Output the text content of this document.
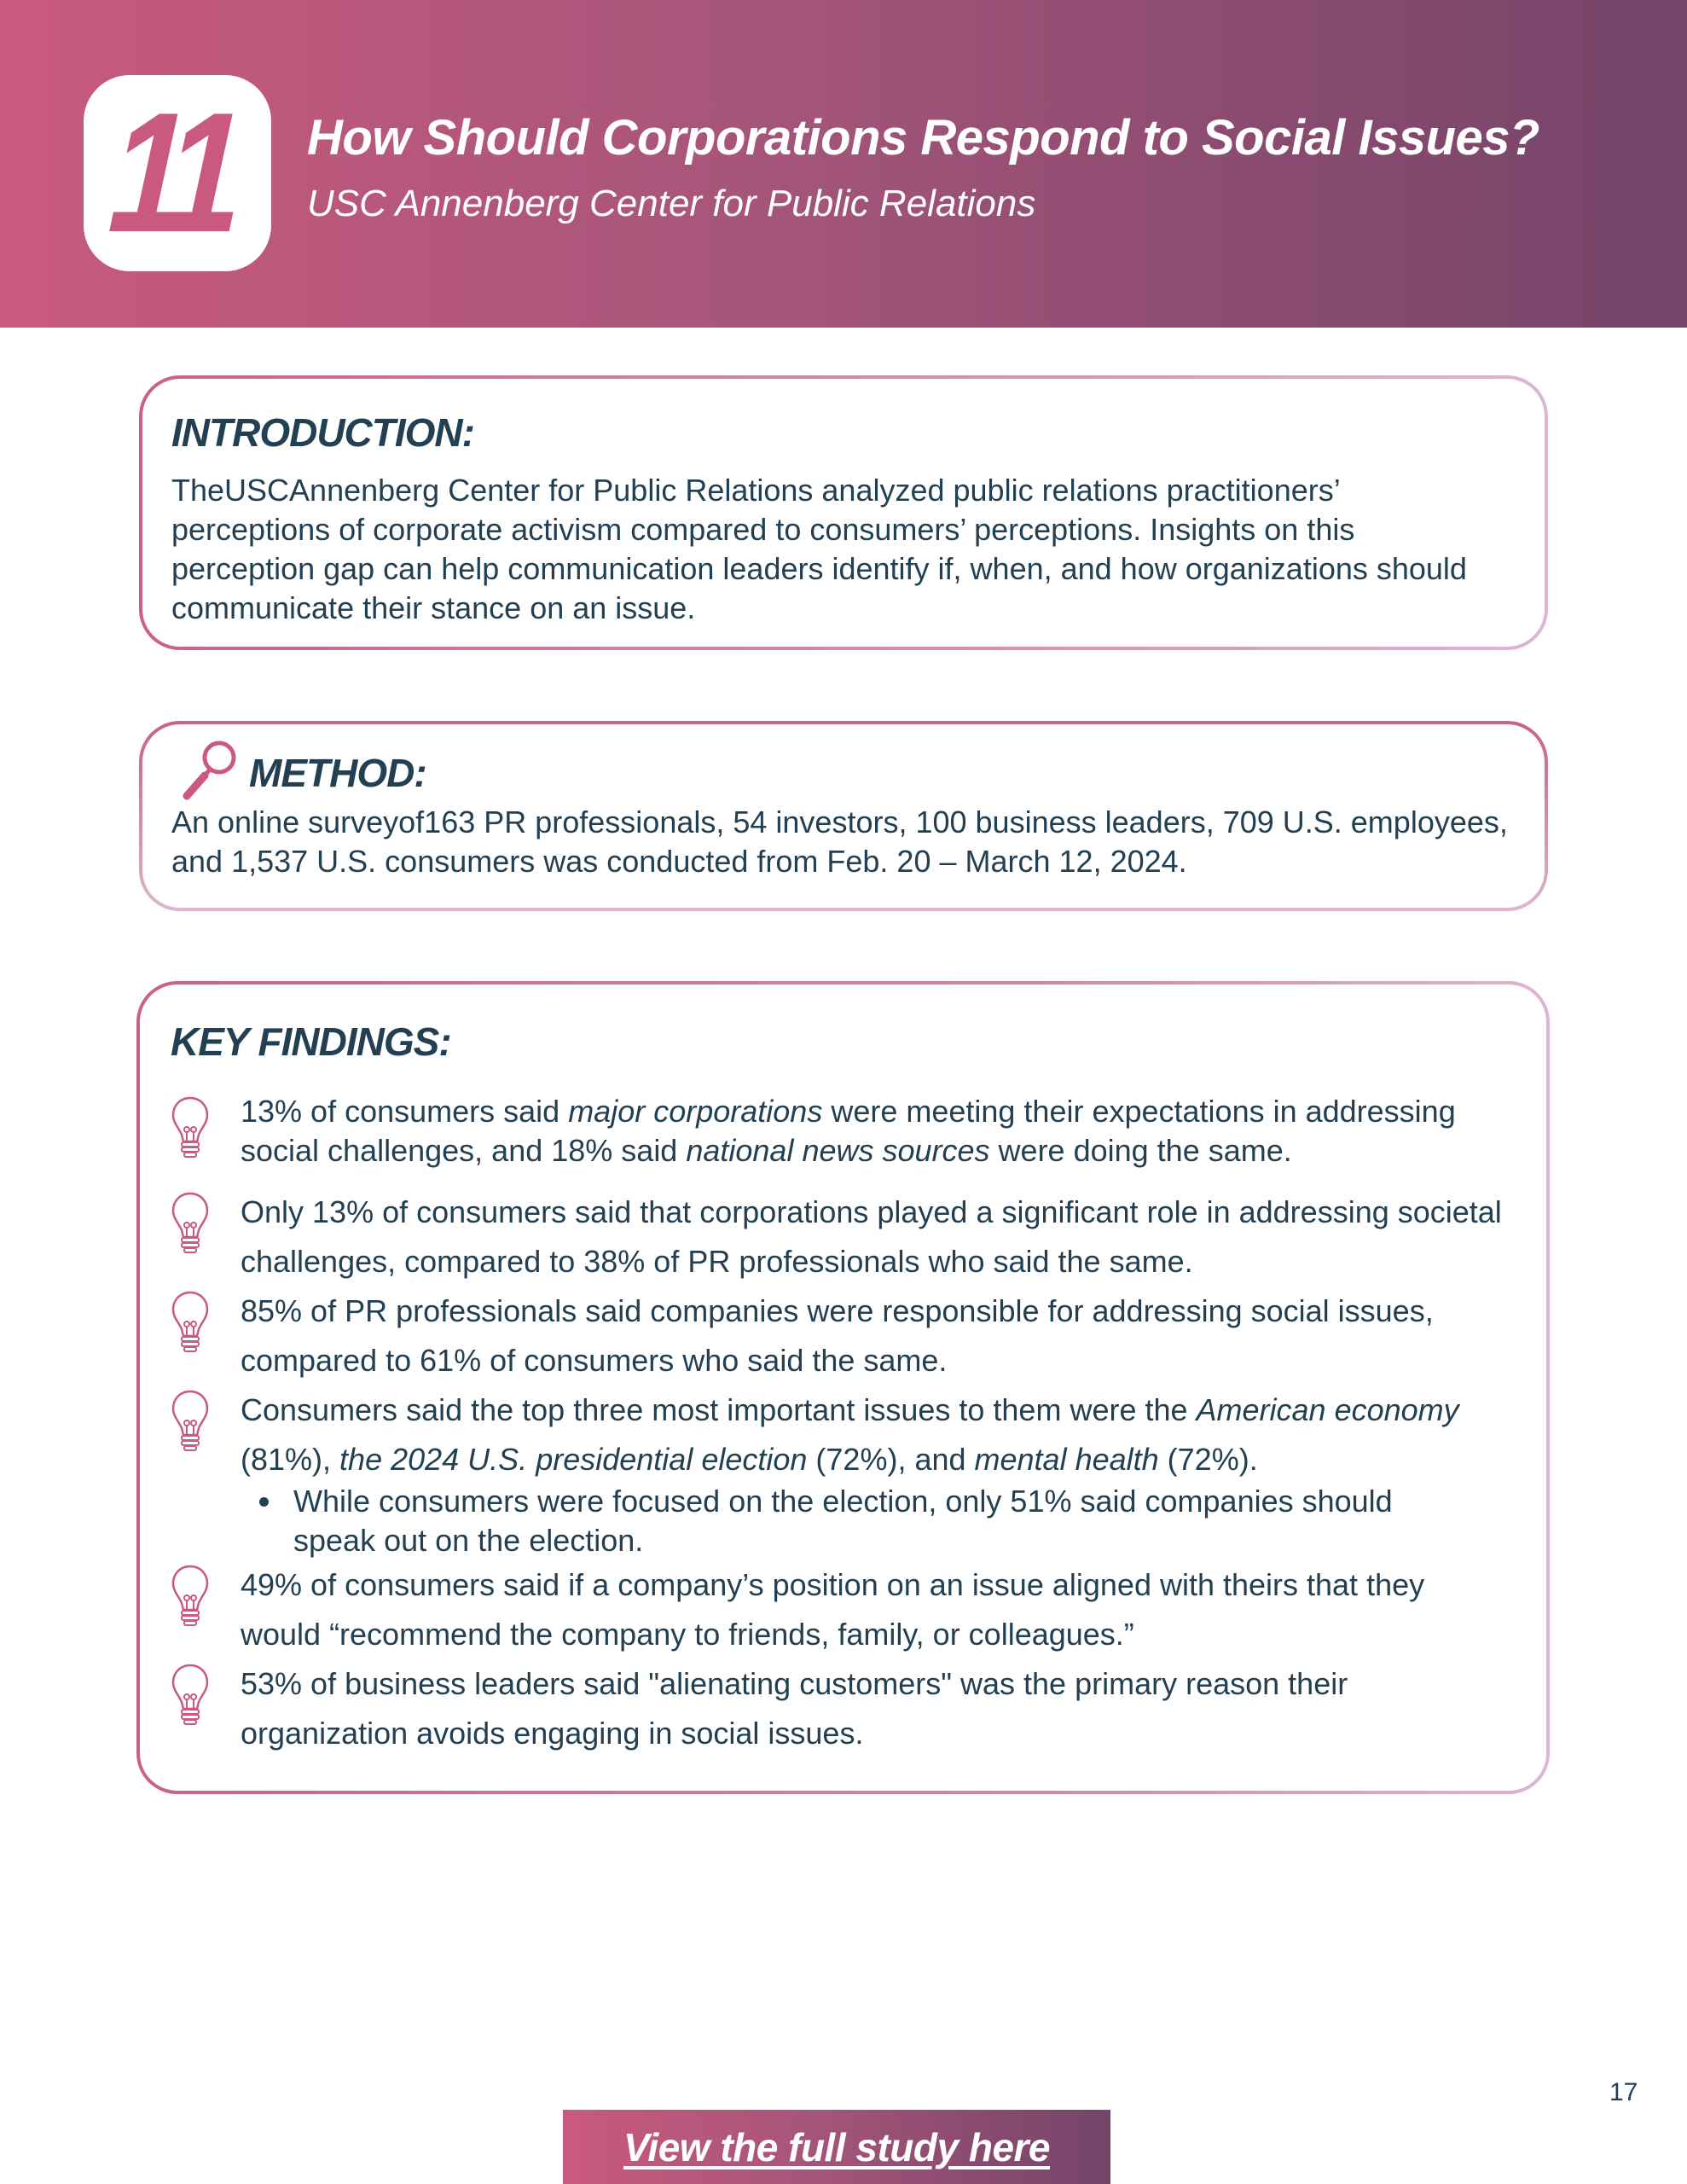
11 How Should Corporations Respond to Social Issues?
USC Annenberg Center for Public Relations
INTRODUCTION:
TheUSCAnnenberg Center for Public Relations analyzed public relations practitioners’ perceptions of corporate activism compared to consumers’ perceptions. Insights on this perception gap can help communication leaders identify if, when, and how organizations should communicate their stance on an issue.
METHOD:
An online surveyof163 PR professionals, 54 investors, 100 business leaders, 709 U.S. employees, and 1,537 U.S. consumers was conducted from Feb. 20 – March 12, 2024.
KEY FINDINGS:
13% of consumers said major corporations were meeting their expectations in addressing social challenges, and 18% said national news sources were doing the same.
Only 13% of consumers said that corporations played a significant role in addressing societal challenges, compared to 38% of PR professionals who said the same.
85% of PR professionals said companies were responsible for addressing social issues, compared to 61% of consumers who said the same.
Consumers said the top three most important issues to them were the American economy (81%), the 2024 U.S. presidential election (72%), and mental health (72%).
While consumers were focused on the election, only 51% said companies should speak out on the election.
49% of consumers said if a company’s position on an issue aligned with theirs that they would “recommend the company to friends, family, or colleagues.”
53% of business leaders said "alienating customers" was the primary reason their organization avoids engaging in social issues.
17
View the full study here
